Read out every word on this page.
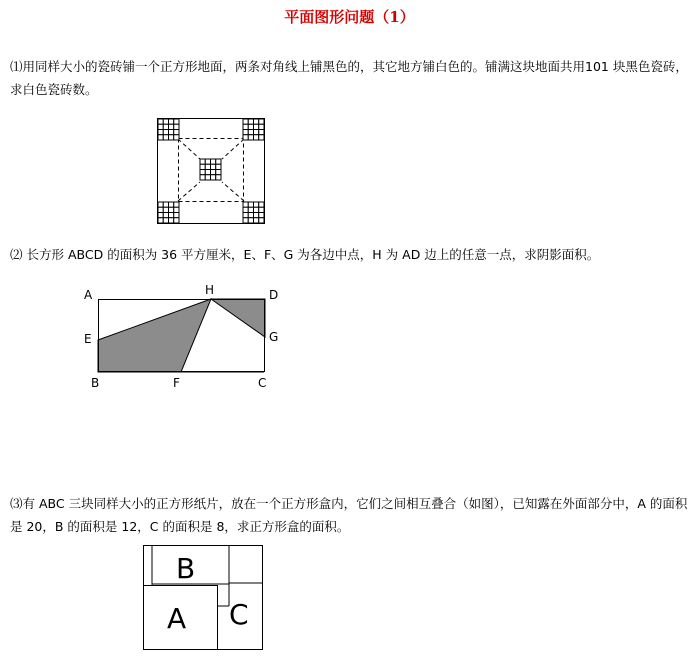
平面图形问题（1）
⑴用同样大小的瓷砖铺一个正方形地面，两条对角线上铺黑色的，其它地方铺白色的。铺满这块地面共用101 块黑色瓷砖，求白色瓷砖数。
⑵ 长方形 ABCD 的面积为 36 平方厘米，E、F、G 为各边中点，H 为 AD 边上的任意一点，求阴影面积。
A	H	D
E	G
B	F	C
⑶有 ABC 三块同样大小的正方形纸片，放在一个正方形盒内，它们之间相互叠合（如图），已知露在外面部分中，A 的面积是 20，B 的面积是 12，C 的面积是 8，求正方形盒的面积。
B
A C
